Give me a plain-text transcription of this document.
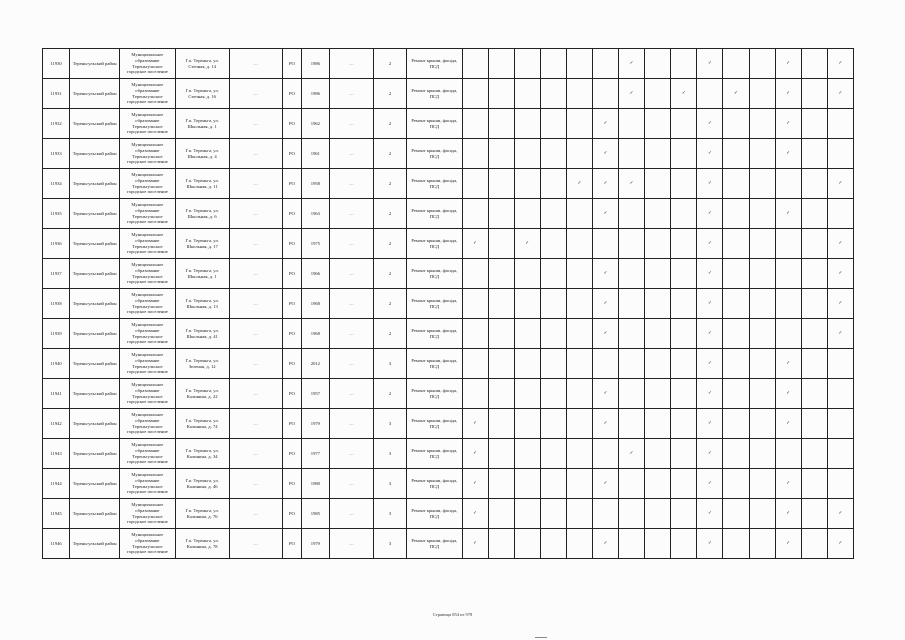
11930	Тереньгульский район	Муниципальное образование Тереньгульское городское поселение	Г.п. Тереньга, ул. Степная, д. 14	…	РО	1986	…	2	Ремонт крыши, фасада, ПСД							✓			✓			✓		✓
11931	Тереньгульский район	Муниципальное образование Тереньгульское городское поселение	Г.п. Тереньга, ул. Степная, д. 16	…	РО	1986	…	2	Ремонт крыши, фасада, ПСД							✓		✓		✓		✓		✓
11932	Тереньгульский район	Муниципальное образование Тереньгульское городское поселение	Г.п. Тереньга, ул. Школьная, д. 1	…	РО	1962	…	2	Ремонт крыши, фасада, ПСД						✓				✓			✓		
11933	Тереньгульский район	Муниципальное образование Тереньгульское городское поселение	Г.п. Тереньга, ул. Школьная, д. 4	…	РО	1961	…	2	Ремонт крыши, фасада, ПСД						✓				✓			✓		
11934	Тереньгульский район	Муниципальное образование Тереньгульское городское поселение	Г.п. Тереньга, ул. Школьная, д. 11	…	РО	1958	…	2	Ремонт крыши, фасада, ПСД					✓	✓	✓			✓					✓
11935	Тереньгульский район	Муниципальное образование Тереньгульское городское поселение	Г.п. Тереньга, ул. Школьная, д. 6	…	РО	1963	…	2	Ремонт крыши, фасада, ПСД						✓				✓			✓		
11936	Тереньгульский район	Муниципальное образование Тереньгульское городское поселение	Г.п. Тереньга, ул. Школьная, д. 17	…	РО	1975	…	2	Ремонт крыши, фасада, ПСД	✓		✓							✓					✓
11937	Тереньгульский район	Муниципальное образование Тереньгульское городское поселение	Г.п. Тереньга, ул. Школьная, д. 1	…	РО	1966	…	2	Ремонт крыши, фасада, ПСД						✓				✓					✓
11938	Тереньгульский район	Муниципальное образование Тереньгульское городское поселение	Г.п. Тереньга, ул. Школьная, д. 13	…	РО	1968	…	2	Ремонт крыши, фасада, ПСД						✓				✓					✓
11939	Тереньгульский район	Муниципальное образование Тереньгульское городское поселение	Г.п. Тереньга, ул. Школьная, д. 41	…	РО	1968	…	2	Ремонт крыши, фасада, ПСД						✓				✓					✓
11940	Тереньгульский район	Муниципальное образование Тереньгульское городское поселение	Г.п. Тереньга, ул. Зеленая, д. 12	…	РО	2012	…	3	Ремонт крыши, фасада, ПСД										✓			✓		
11941	Тереньгульский район	Муниципальное образование Тереньгульское городское поселение	Г.п. Тереньга, ул. Калинина, д. 22	…	РО	1957	…	2	Ремонт крыши, фасада, ПСД						✓				✓			✓		
11942	Тереньгульский район	Муниципальное образование Тереньгульское городское поселение	Г.п. Тереньга, ул. Калинина, д. 74	…	РО	1979	…	3	Ремонт крыши, фасада, ПСД	✓					✓				✓			✓		
11943	Тереньгульский район	Муниципальное образование Тереньгульское городское поселение	Г.п. Тереньга, ул. Калинина, д. 34	…	РО	1977	…	3	Ремонт крыши, фасада, ПСД	✓						✓			✓					
11944	Тереньгульский район	Муниципальное образование Тереньгульское городское поселение	Г.п. Тереньга, ул. Калинина, д. 46	…	РО	1980	…	3	Ремонт крыши, фасада, ПСД	✓					✓				✓			✓		
11945	Тереньгульский район	Муниципальное образование Тереньгульское городское поселение	Г.п. Тереньга, ул. Калинина, д. 76	…	РО	1985	…	3	Ремонт крыши, фасада, ПСД	✓									✓			✓		✓
11946	Тереньгульский район	Муниципальное образование Тереньгульское городское поселение	Г.п. Тереньга, ул. Калинина, д. 78	…	РО	1979	…	3	Ремонт крыши, фасада, ПСД	✓					✓				✓			✓		✓
Страница 854 из 978
